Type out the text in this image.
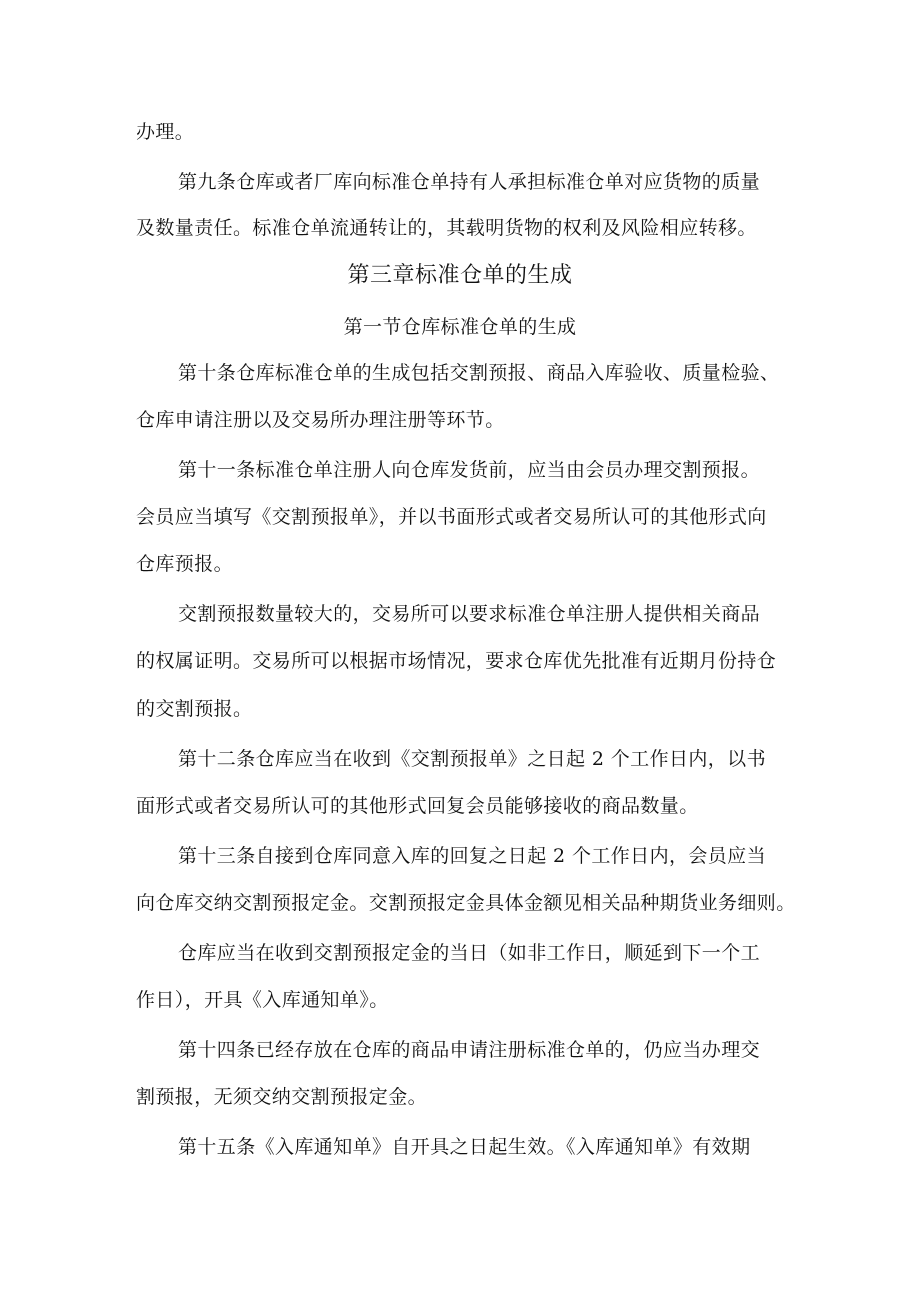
办理。
第九条仓库或者厂库向标准仓单持有人承担标准仓单对应货物的质量
及数量责任。标准仓单流通转让的，其载明货物的权利及风险相应转移。
第三章标准仓单的生成
第一节仓库标准仓单的生成
第十条仓库标准仓单的生成包括交割预报、商品入库验收、质量检验、
仓库申请注册以及交易所办理注册等环节。
第十一条标准仓单注册人向仓库发货前，应当由会员办理交割预报。
会员应当填写《交割预报单》，并以书面形式或者交易所认可的其他形式向
仓库预报。
交割预报数量较大的，交易所可以要求标准仓单注册人提供相关商品
的权属证明。交易所可以根据市场情况，要求仓库优先批准有近期月份持仓
的交割预报。
第十二条仓库应当在收到《交割预报单》之日起 2 个工作日内，以书
面形式或者交易所认可的其他形式回复会员能够接收的商品数量。
第十三条自接到仓库同意入库的回复之日起 2 个工作日内，会员应当
向仓库交纳交割预报定金。交割预报定金具体金额见相关品种期货业务细则。
仓库应当在收到交割预报定金的当日（如非工作日，顺延到下一个工
作日），开具《入库通知单》。
第十四条已经存放在仓库的商品申请注册标准仓单的，仍应当办理交
割预报，无须交纳交割预报定金。
第十五条《入库通知单》自开具之日起生效。《入库通知单》有效期
